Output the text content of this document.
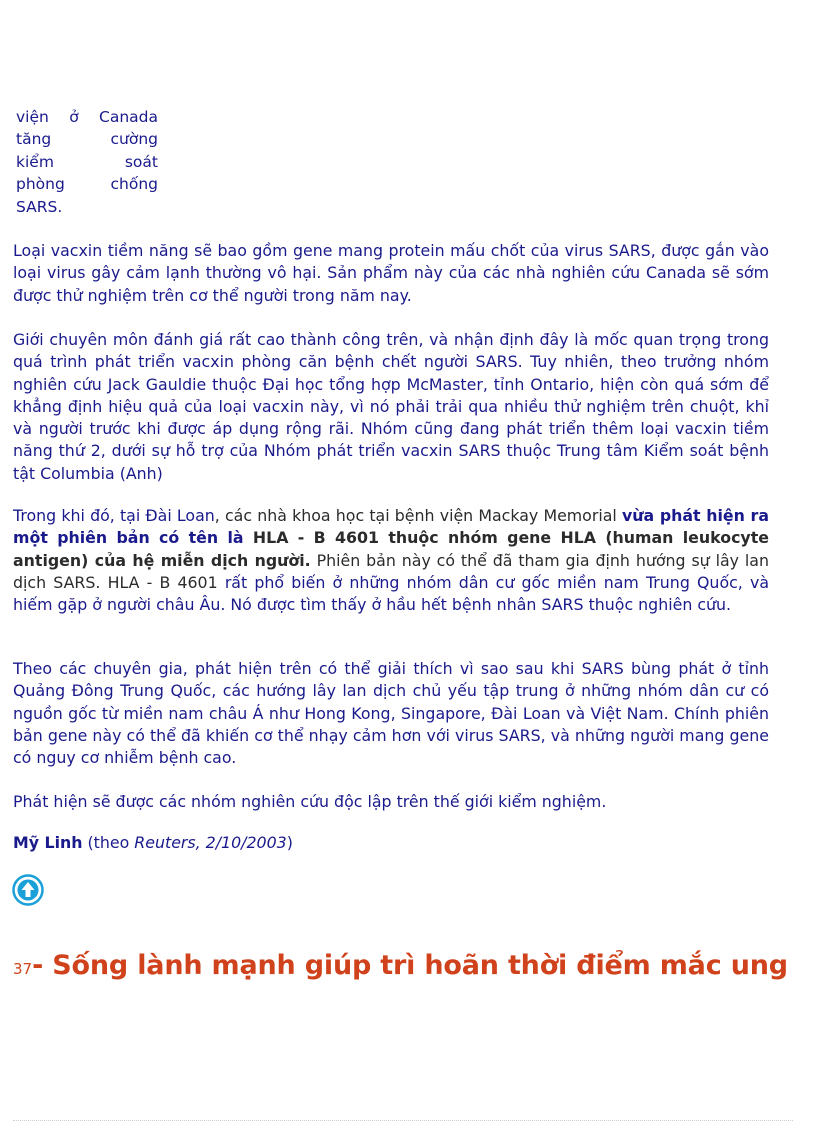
viện ở Canada
tăng	cường
kiểm	soát
phòng	chống
SARS.

Loại vacxin tiềm năng sẽ bao gồm gene mang protein mấu chốt của virus SARS, được gắn vào loại virus gây cảm lạnh thường vô hại. Sản phẩm này của các nhà nghiên cứu Canada sẽ sớm được thử nghiệm trên cơ thể người trong năm nay.

Giới chuyên môn đánh giá rất cao thành công trên, và nhận định đây là mốc quan trọng trong quá trình phát triển vacxin phòng căn bệnh chết người SARS. Tuy nhiên, theo trưởng nhóm nghiên cứu Jack Gauldie thuộc Đại học tổng hợp McMaster, tỉnh Ontario, hiện còn quá sớm để khẳng định hiệu quả của loại vacxin này, vì nó phải trải qua nhiều thử nghiệm trên chuột, khỉ và người trước khi được áp dụng rộng rãi. Nhóm cũng đang phát triển thêm loại vacxin tiềm năng thứ 2, dưới sự hỗ trợ của Nhóm phát triển vacxin SARS thuộc Trung tâm Kiểm soát bệnh tật Columbia (Anh)

Trong khi đó, tại Đài Loan, các nhà khoa học tại bệnh viện Mackay Memorial vừa phát hiện ra một phiên bản có tên là HLA - B 4601 thuộc nhóm gene HLA (human leukocyte antigen) của hệ miễn dịch người. Phiên bản này có thể đã tham gia định hướng sự lây lan dịch SARS. HLA - B 4601 rất phổ biến ở những nhóm dân cư gốc miền nam Trung Quốc, và hiếm gặp ở người châu Âu. Nó được tìm thấy ở hầu hết bệnh nhân SARS thuộc nghiên cứu.

Theo các chuyên gia, phát hiện trên có thể giải thích vì sao sau khi SARS bùng phát ở tỉnh Quảng Đông Trung Quốc, các hướng lây lan dịch chủ yếu tập trung ở những nhóm dân cư có nguồn gốc từ miền nam châu Á như Hong Kong, Singapore, Đài Loan và Việt Nam. Chính phiên bản gene này có thể đã khiến cơ thể nhạy cảm hơn với virus SARS, và những người mang gene có nguy cơ nhiễm bệnh cao.

Phát hiện sẽ được các nhóm nghiên cứu độc lập trên thế giới kiểm nghiệm.

Mỹ Linh (theo Reuters, 2/10/2003)
37- Sống lành mạnh giúp trì hoãn thời điểm mắc ung
